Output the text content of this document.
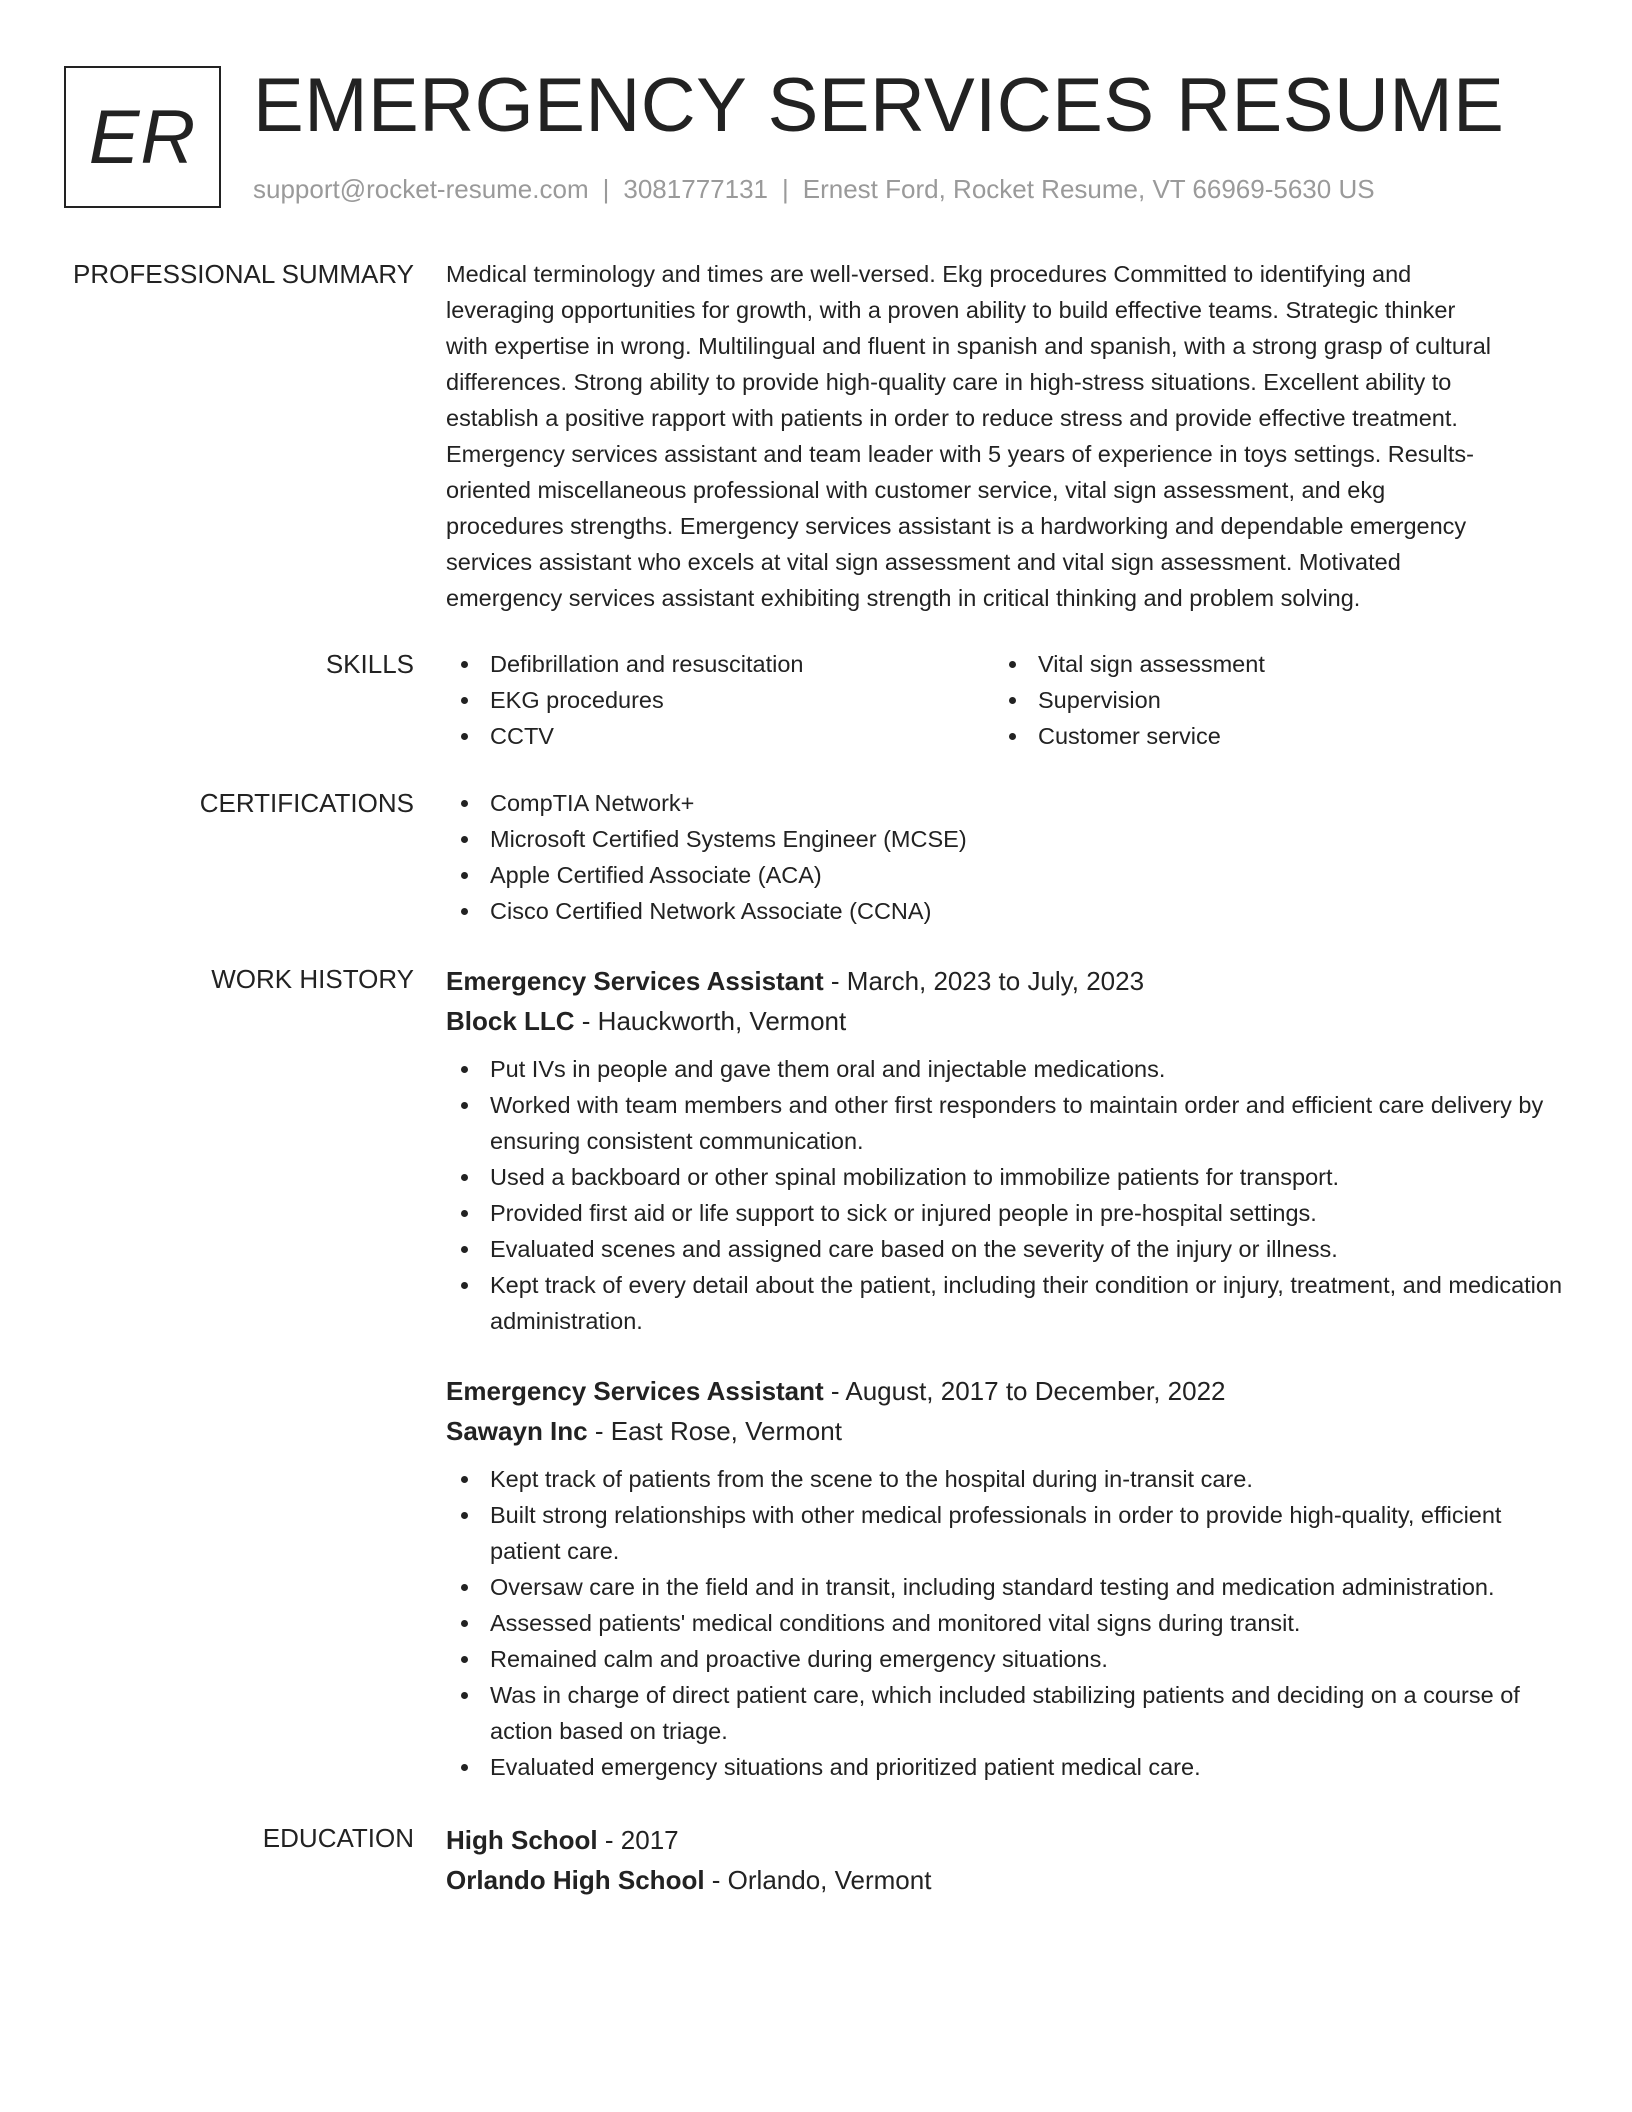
ER EMERGENCY SERVICES RESUME
support@rocket-resume.com | 3081777131 | Ernest Ford, Rocket Resume, VT 66969-5630 US
PROFESSIONAL SUMMARY Medical terminology and times are well-versed. Ekg procedures Committed to identifying and
leveraging opportunities for growth, with a proven ability to build effective teams. Strategic thinker
with expertise in wrong. Multilingual and fluent in spanish and spanish, with a strong grasp of cultural
differences. Strong ability to provide high-quality care in high-stress situations. Excellent ability to
establish a positive rapport with patients in order to reduce stress and provide effective treatment.
Emergency services assistant and team leader with 5 years of experience in toys settings. Results-
oriented miscellaneous professional with customer service, vital sign assessment, and ekg
procedures strengths. Emergency services assistant is a hardworking and dependable emergency
services assistant who excels at vital sign assessment and vital sign assessment. Motivated
emergency services assistant exhibiting strength in critical thinking and problem solving.
SKILLS	Defibrillation and resuscitation
EKG procedures
CCTV
Vital sign assessment
Supervision
Customer service
CERTIFICATIONS	CompTIA Network+
Microsoft Certified Systems Engineer (MCSE)
Apple Certified Associate (ACA)
Cisco Certified Network Associate (CCNA)
WORK HISTORY Emergency Services Assistant - March, 2023 to July, 2023
Block LLC - Hauckworth, Vermont
Put IVs in people and gave them oral and injectable medications.
Worked with team members and other first responders to maintain order and efficient care delivery by ensuring consistent communication.
Used a backboard or other spinal mobilization to immobilize patients for transport.
Provided first aid or life support to sick or injured people in pre-hospital settings.
Evaluated scenes and assigned care based on the severity of the injury or illness.
Kept track of every detail about the patient, including their condition or injury, treatment, and medication administration.
Emergency Services Assistant - August, 2017 to December, 2022
Sawayn Inc - East Rose, Vermont
Kept track of patients from the scene to the hospital during in-transit care.
Built strong relationships with other medical professionals in order to provide high-quality, efficient patient care.
Oversaw care in the field and in transit, including standard testing and medication administration.
Assessed patients' medical conditions and monitored vital signs during transit.
Remained calm and proactive during emergency situations.
Was in charge of direct patient care, which included stabilizing patients and deciding on a course of action based on triage.
Evaluated emergency situations and prioritized patient medical care.
EDUCATION High School - 2017
Orlando High School - Orlando, Vermont
